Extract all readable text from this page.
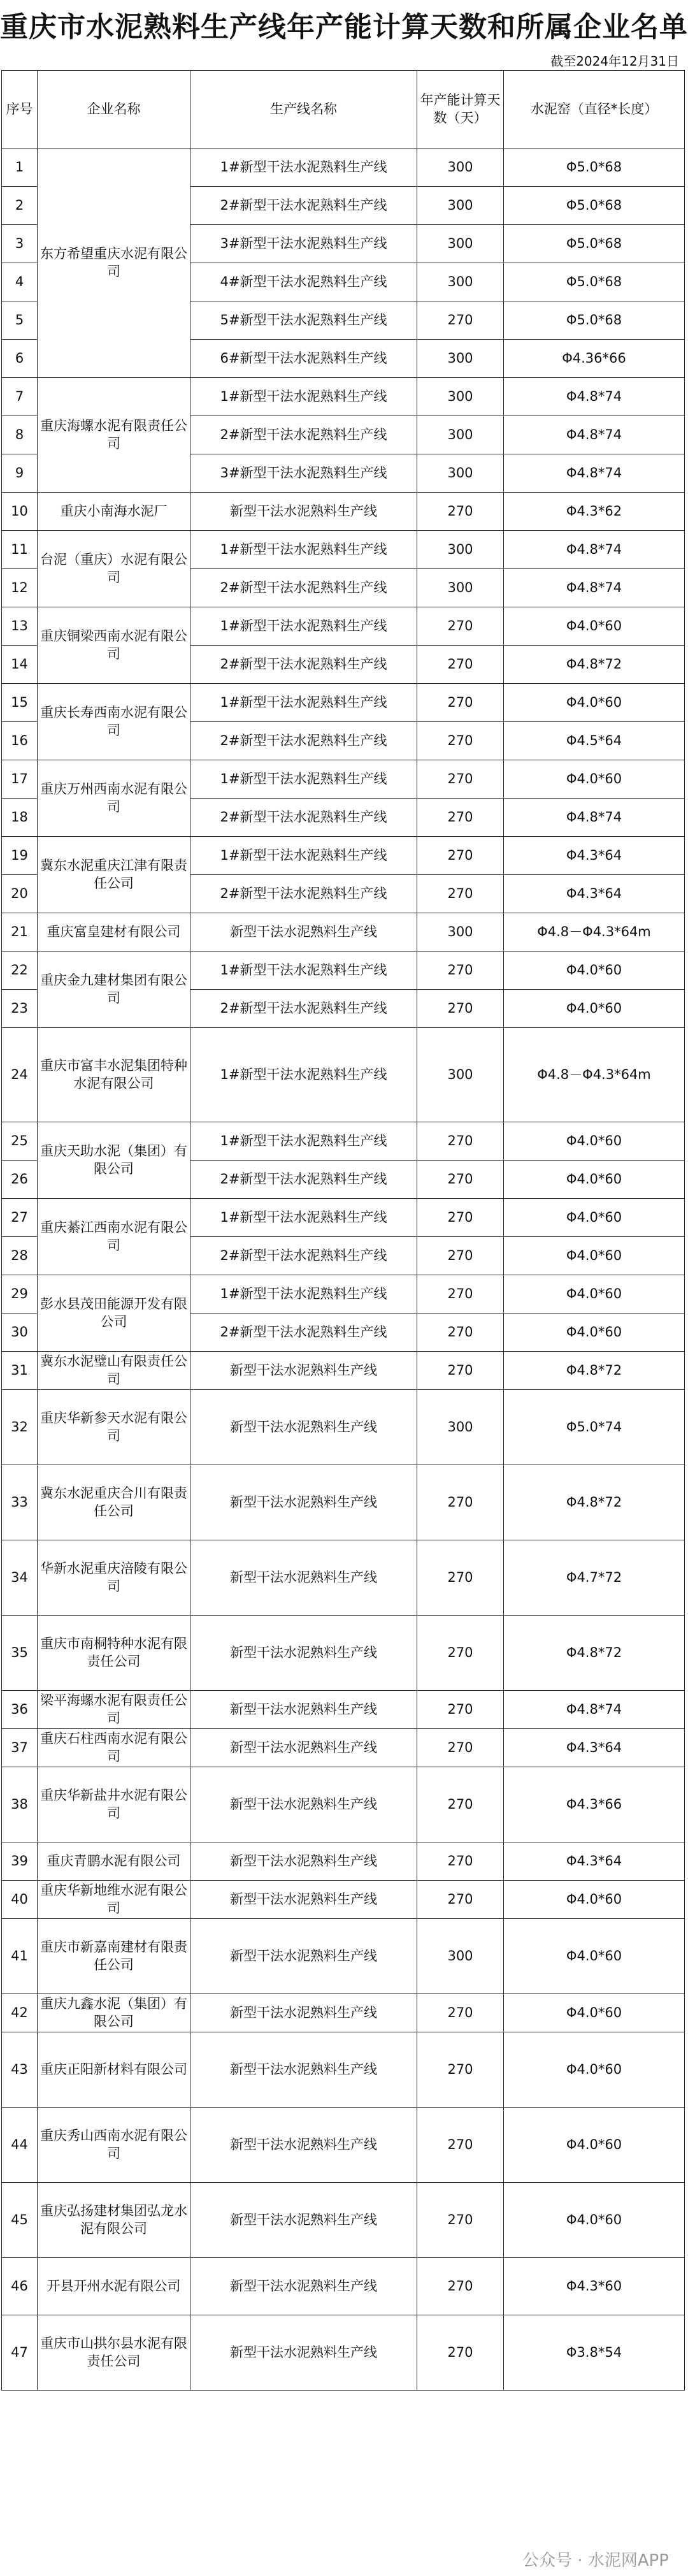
重庆市水泥熟料生产线年产能计算天数和所属企业名单
截至2024年12月31日
序号	企业名称	生产线名称	年产能计算天数（天）	水泥窑（直径*长度）
1	东方希望重庆水泥有限公司	1#新型干法水泥熟料生产线	300	Φ5.0*68
2		2#新型干法水泥熟料生产线	300	Φ5.0*68
3		3#新型干法水泥熟料生产线	300	Φ5.0*68
4		4#新型干法水泥熟料生产线	300	Φ5.0*68
5		5#新型干法水泥熟料生产线	270	Φ5.0*68
6		6#新型干法水泥熟料生产线	300	Φ4.36*66
7	重庆海螺水泥有限责任公司	1#新型干法水泥熟料生产线	300	Φ4.8*74
8		2#新型干法水泥熟料生产线	300	Φ4.8*74
9		3#新型干法水泥熟料生产线	300	Φ4.8*74
10	重庆小南海水泥厂	新型干法水泥熟料生产线	270	Φ4.3*62
11	台泥（重庆）水泥有限公司	1#新型干法水泥熟料生产线	300	Φ4.8*74
12		2#新型干法水泥熟料生产线	300	Φ4.8*74
13	重庆铜梁西南水泥有限公司	1#新型干法水泥熟料生产线	270	Φ4.0*60
14		2#新型干法水泥熟料生产线	270	Φ4.8*72
15	重庆长寿西南水泥有限公司	1#新型干法水泥熟料生产线	270	Φ4.0*60
16		2#新型干法水泥熟料生产线	270	Φ4.5*64
17	重庆万州西南水泥有限公司	1#新型干法水泥熟料生产线	270	Φ4.0*60
18		2#新型干法水泥熟料生产线	270	Φ4.8*74
19	冀东水泥重庆江津有限责任公司	1#新型干法水泥熟料生产线	270	Φ4.3*64
20		2#新型干法水泥熟料生产线	270	Φ4.3*64
21	重庆富皇建材有限公司	新型干法水泥熟料生产线	300	Φ4.8－Φ4.3*64m
22	重庆金九建材集团有限公司	1#新型干法水泥熟料生产线	270	Φ4.0*60
23		2#新型干法水泥熟料生产线	270	Φ4.0*60
24	重庆市富丰水泥集团特种水泥有限公司	1#新型干法水泥熟料生产线	300	Φ4.8－Φ4.3*64m
25	重庆天助水泥（集团）有限公司	1#新型干法水泥熟料生产线	270	Φ4.0*60
26		2#新型干法水泥熟料生产线	270	Φ4.0*60
27	重庆綦江西南水泥有限公司	1#新型干法水泥熟料生产线	270	Φ4.0*60
28		2#新型干法水泥熟料生产线	270	Φ4.0*60
29	彭水县茂田能源开发有限公司	1#新型干法水泥熟料生产线	270	Φ4.0*60
30		2#新型干法水泥熟料生产线	270	Φ4.0*60
31	冀东水泥璧山有限责任公司	新型干法水泥熟料生产线	270	Φ4.8*72
32	重庆华新参天水泥有限公司	新型干法水泥熟料生产线	300	Φ5.0*74
33	冀东水泥重庆合川有限责任公司	新型干法水泥熟料生产线	270	Φ4.8*72
34	华新水泥重庆涪陵有限公司	新型干法水泥熟料生产线	270	Φ4.7*72
35	重庆市南桐特种水泥有限责任公司	新型干法水泥熟料生产线	270	Φ4.8*72
36	梁平海螺水泥有限责任公司	新型干法水泥熟料生产线	270	Φ4.8*74
37	重庆石柱西南水泥有限公司	新型干法水泥熟料生产线	270	Φ4.3*64
38	重庆华新盐井水泥有限公司	新型干法水泥熟料生产线	270	Φ4.3*66
39	重庆青鹏水泥有限公司	新型干法水泥熟料生产线	270	Φ4.3*64
40	重庆华新地维水泥有限公司	新型干法水泥熟料生产线	270	Φ4.0*60
41	重庆市新嘉南建材有限责任公司	新型干法水泥熟料生产线	300	Φ4.0*60
42	重庆九鑫水泥（集团）有限公司	新型干法水泥熟料生产线	270	Φ4.0*60
43	重庆正阳新材料有限公司	新型干法水泥熟料生产线	270	Φ4.0*60
44	重庆秀山西南水泥有限公司	新型干法水泥熟料生产线	270	Φ4.0*60
45	重庆弘扬建材集团弘龙水泥有限公司	新型干法水泥熟料生产线	270	Φ4.0*60
46	开县开州水泥有限公司	新型干法水泥熟料生产线	270	Φ4.3*60
47	重庆市山拱尔县水泥有限责任公司	新型干法水泥熟料生产线	270	Φ3.8*54
公众号 · 水泥网APP
